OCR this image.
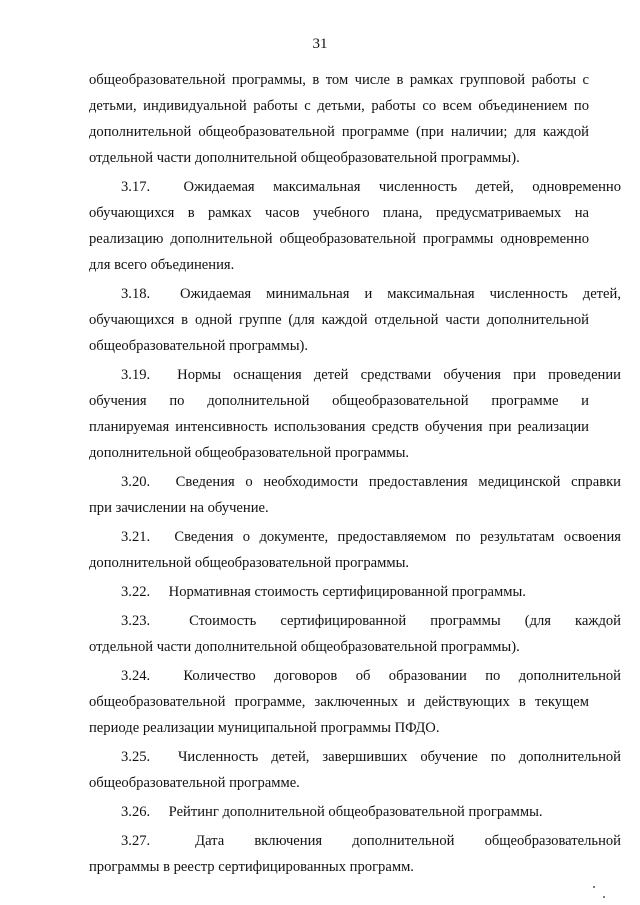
31
общеобразовательной программы, в том числе в рамках групповой работы с
детьми, индивидуальной работы с детьми, работы со всем объединением по
дополнительной общеобразовательной программе (при наличии; для каждой
отдельной части дополнительной общеобразовательной программы).
3.17. Ожидаемая максимальная численность детей, одновременно
обучающихся в рамках часов учебного плана, предусматриваемых на
реализацию дополнительной общеобразовательной программы одновременно
для всего объединения.
3.18. Ожидаемая минимальная и максимальная численность детей,
обучающихся в одной группе (для каждой отдельной части дополнительной
общеобразовательной программы).
3.19. Нормы оснащения детей средствами обучения при проведении
обучения по дополнительной общеобразовательной программе и
планируемая интенсивность использования средств обучения при реализации
дополнительной общеобразовательной программы.
3.20. Сведения о необходимости предоставления медицинской справки
при зачислении на обучение.
3.21. Сведения о документе, предоставляемом по результатам освоения
дополнительной общеобразовательной программы.
3.22. Нормативная стоимость сертифицированной программы.
3.23.	Стоимость сертифицированной программы (для каждой
отдельной части дополнительной общеобразовательной программы).
3.24. Количество договоров об образовании по дополнительной
общеобразовательной программе, заключенных и действующих в текущем
периоде реализации муниципальной программы ПФДО.
3.25. Численность детей, завершивших обучение по дополнительной
общеобразовательной программе.
3.26. Рейтинг дополнительной общеобразовательной программы.
3.27.	Дата включения дополнительной общеобразовательной
программы в реестр сертифицированных программ.
